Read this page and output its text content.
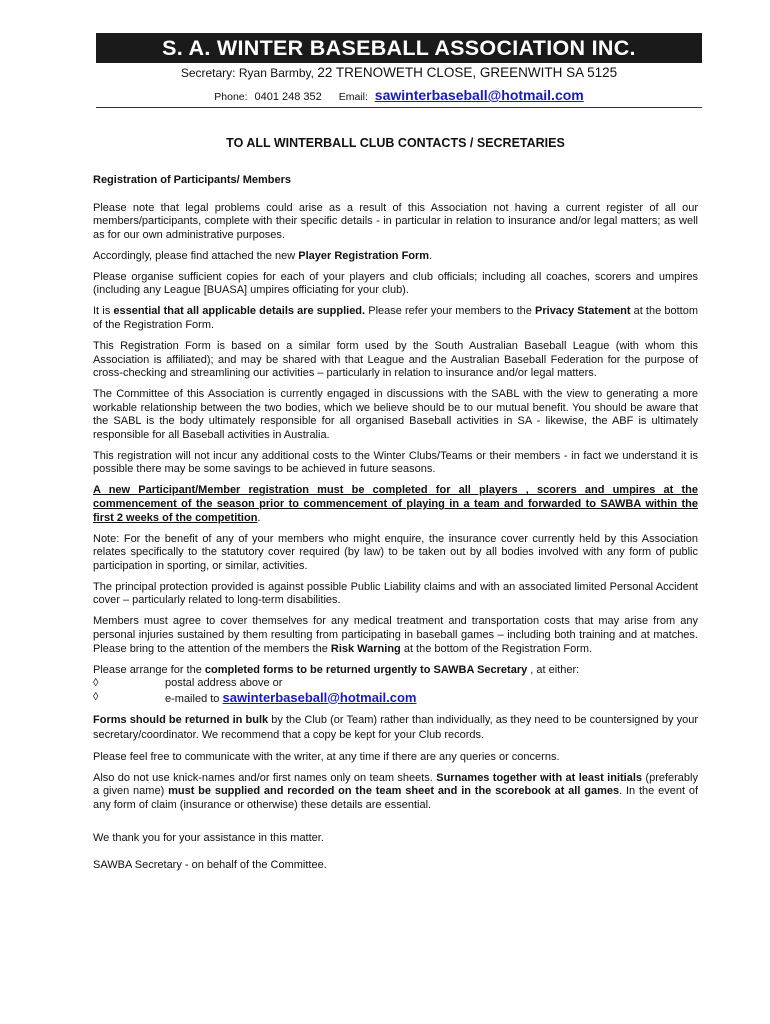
S. A. WINTER BASEBALL ASSOCIATION INC.
Secretary: Ryan Barmby, 22 TRENOWETH CLOSE, GREENWITH SA 5125
Phone: 0401 248 352 Email: sawinterbaseball@hotmail.com
TO ALL WINTERBALL CLUB CONTACTS / SECRETARIES

Registration of Participants/ Members

Please note that legal problems could arise as a result of this Association not having a current register of all our members/participants, complete with their specific details - in particular in relation to insurance and/or legal matters; as well as for our own administrative purposes.

Accordingly, please find attached the new Player Registration Form.

Please organise sufficient copies for each of your players and club officials; including all coaches, scorers and umpires (including any League [BUASA] umpires officiating for your club).

It is essential that all applicable details are supplied. Please refer your members to the Privacy Statement at the bottom of the Registration Form.

This Registration Form is based on a similar form used by the South Australian Baseball League (with whom this Association is affiliated); and may be shared with that League and the Australian Baseball Federation for the purpose of cross-checking and streamlining our activities – particularly in relation to insurance and/or legal matters.

The Committee of this Association is currently engaged in discussions with the SABL with the view to generating a more workable relationship between the two bodies, which we believe should be to our mutual benefit. You should be aware that the SABL is the body ultimately responsible for all organised Baseball activities in SA - likewise, the ABF is ultimately responsible for all Baseball activities in Australia.

This registration will not incur any additional costs to the Winter Clubs/Teams or their members - in fact we understand it is possible there may be some savings to be achieved in future seasons.

A new Participant/Member registration must be completed for all players , scorers and umpires at the commencement of the season prior to commencement of playing in a team and forwarded to SAWBA within the first 2 weeks of the competition.

Note: For the benefit of any of your members who might enquire, the insurance cover currently held by this Association relates specifically to the statutory cover required (by law) to be taken out by all bodies involved with any form of public participation in sporting, or similar, activities.

The principal protection provided is against possible Public Liability claims and with an associated limited Personal Accident cover – particularly related to long-term disabilities.

Members must agree to cover themselves for any medical treatment and transportation costs that may arise from any personal injuries sustained by them resulting from participating in baseball games – including both training and at matches. Please bring to the attention of the members the Risk Warning at the bottom of the Registration Form.

Please arrange for the completed forms to be returned urgently to SAWBA Secretary , at either:

◊	postal address above or
◊	e-mailed to sawinterbaseball@hotmail.com

Forms should be returned in bulk by the Club (or Team) rather than individually, as they need to be countersigned by your secretary/coordinator. We recommend that a copy be kept for your Club records.

Please feel free to communicate with the writer, at any time if there are any queries or concerns.

Also do not use knick-names and/or first names only on team sheets. Surnames together with at least initials (preferably a given name) must be supplied and recorded on the team sheet and in the scorebook at all games. In the event of any form of claim (insurance or otherwise) these details are essential.

We thank you for your assistance in this matter.

SAWBA Secretary - on behalf of the Committee.
